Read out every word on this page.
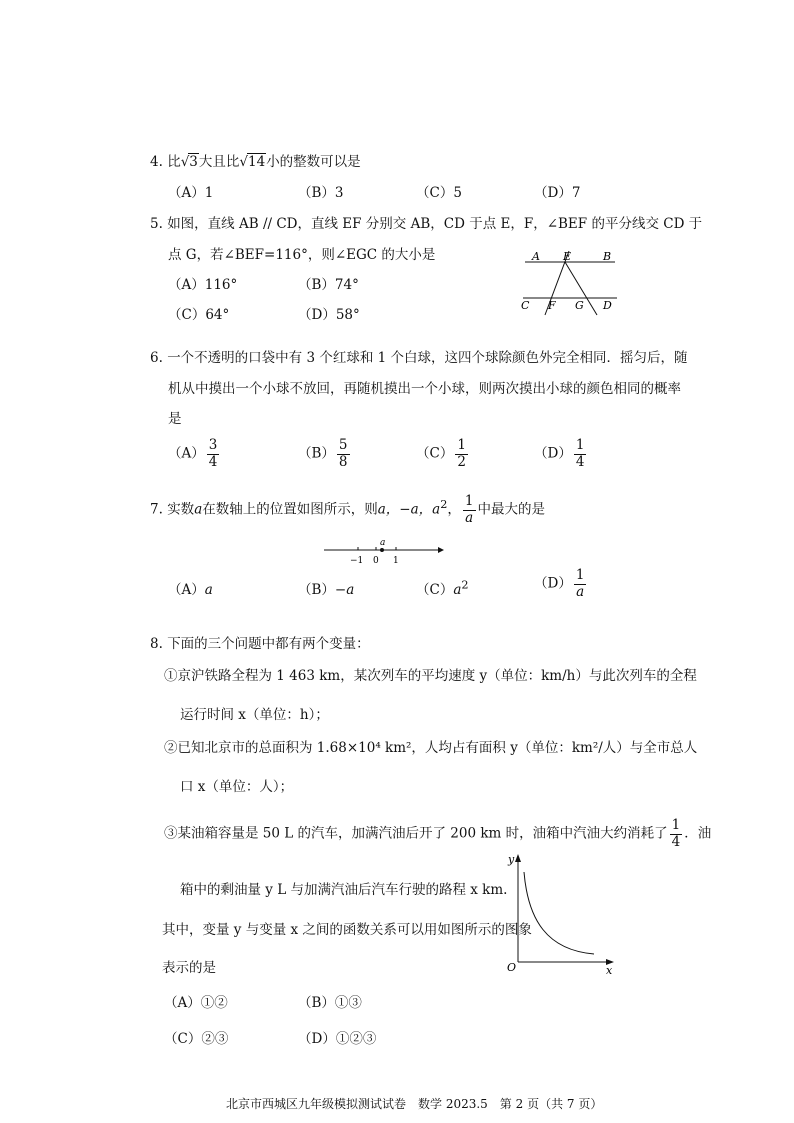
4. 比√3大且比√14小的整数可以是
（A）1	（B）3	（C）5	（D）7
5. 如图，直线 AB // CD，直线 EF 分别交 AB，CD 于点 E，F，∠BEF 的平分线交 CD 于
点 G，若∠BEF=116°，则∠EGC 的大小是
（A）116°	（B）74°
（C）64°	（D）58°
A E	B
C F G D
6. 一个不透明的口袋中有 3 个红球和 1 个白球，这四个球除颜色外完全相同．摇匀后，随
机从中摸出一个小球不放回，再随机摸出一个小球，则两次摸出小球的颜色相同的概率
是
$(A) \frac{3}{4}$	$(B) \frac{5}{8}$	$(C) \frac{1}{2}$	$(D) \frac{1}{4}$
7. 实数a在数轴上的位置如图所示，则a，−a，$a^2$， $\frac{1}{a}$ 中最大的是
a
−1 0 1
（A）a	（B）−a	$(C)a^2$	$(D) \frac{1}{a}$
8. 下面的三个问题中都有两个变量：
①京沪铁路全程为 1 463 km，某次列车的平均速度 y（单位：km/h）与此次列车的全程
运行时间 x（单位：h）；
②已知北京市的总面积为 1.68×10⁴ km²，人均占有面积 y（单位：km²/人）与全市总人
口 x（单位：人）；
③某油箱容量是 50 L 的汽车，加满汽油后开了 200 km 时，油箱中汽油大约消耗了 $\frac{1}{4}$ ．油
箱中的剩油量 y L 与加满汽油后汽车行驶的路程 x km.
其中，变量 y 与变量 x 之间的函数关系可以用如图所示的图象
表示的是
y
O	x
（A）①②	（B）①③
（C）②③	（D）①②③
北京市西城区九年级模拟测试试卷　数学 2023.5　第 2 页（共 7 页）
